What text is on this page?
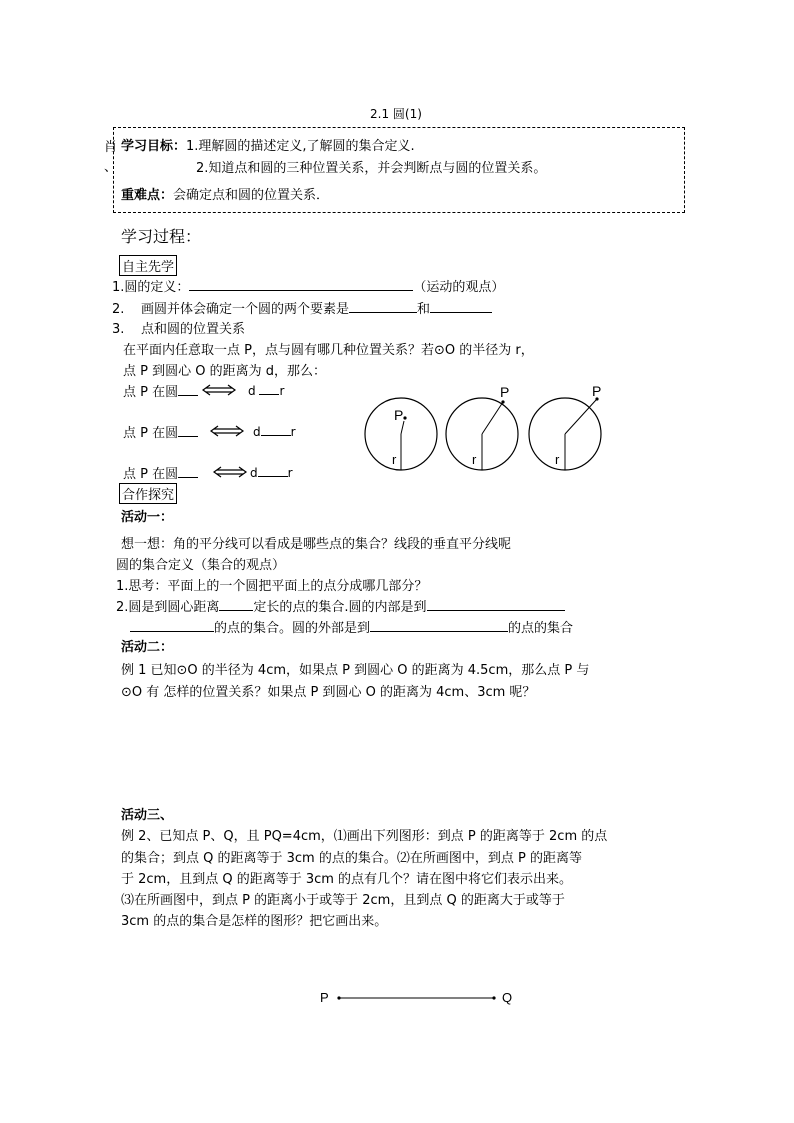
2.1 圆(1)
肖
、
学习目标：1.理解圆的描述定义,了解圆的集合定义.
2.知道点和圆的三种位置关系，并会判断点与圆的位置关系。
重难点：会确定点和圆的位置关系．
学习过程：
自主先学
1.圆的定义：	（运动的观点）
2. 画圆并体会确定一个圆的两个要素是	和
3. 点和圆的位置关系
在平面内任意取一点 P，点与圆有哪几种位置关系？若⊙O 的半径为 r，
点 P 到圆心 O 的距离为 d，那么：
点 P 在圆	d r
点 P 在圆	d	r
点 P 在圆	d	r
P
r
P
r
P
r
合作探究
活动一：
想一想：角的平分线可以看成是哪些点的集合？线段的垂直平分线呢
圆的集合定义（集合的观点）
1.思考：平面上的一个圆把平面上的点分成哪几部分？
2.圆是到圆心距离	定长的点的集合.圆的内部是到
的点的集合。圆的外部是到	的点的集合
活动二：
例 1 已知⊙O 的半径为 4cm，如果点 P 到圆心 O 的距离为 4.5cm，那么点 P 与
⊙O 有 怎样的位置关系？如果点 P 到圆心 O 的距离为 4cm、3cm 呢？
活动三、
例 2、已知点 P、Q，且 PQ=4cm，⑴画出下列图形：到点 P 的距离等于 2cm 的点
的集合；到点 Q 的距离等于 3cm 的点的集合。⑵在所画图中，到点 P 的距离等
于 2cm，且到点 Q 的距离等于 3cm 的点有几个？请在图中将它们表示出来。
⑶在所画图中，到点 P 的距离小于或等于 2cm，且到点 Q 的距离大于或等于
3cm 的点的集合是怎样的图形？把它画出来。
P	Q
